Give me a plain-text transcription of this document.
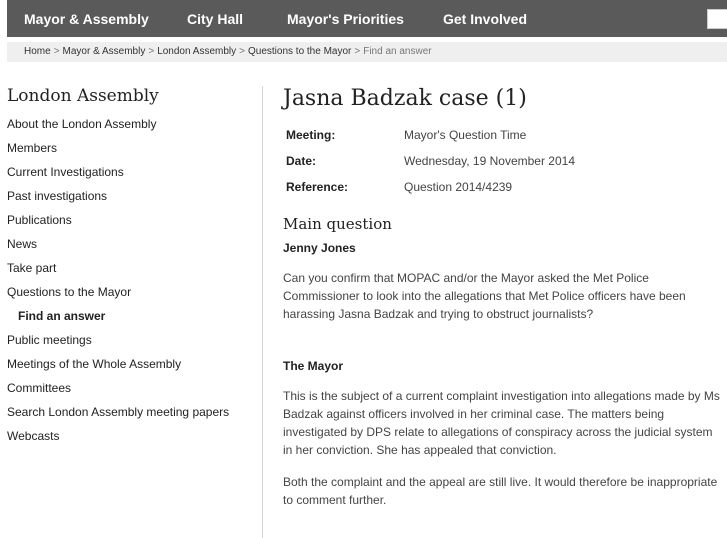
Mayor & Assembly	City Hall	Mayor's Priorities	Get Involved
Home > Mayor & Assembly > London Assembly > Questions to the Mayor > Find an answer
London Assembly
About the London Assembly
Members
Current Investigations
Past investigations
Publications
News
Take part
Questions to the Mayor
Find an answer
Public meetings
Meetings of the Whole Assembly
Committees
Search London Assembly meeting papers
Webcasts
Jasna Badzak case (1)
Meeting:	Mayor's Question Time
Date:	Wednesday, 19 November 2014
Reference:	Question 2014/4239
Main question
Jenny Jones

Can you confirm that MOPAC and/or the Mayor asked the Met Police Commissioner to look into the allegations that Met Police officers have been harassing Jasna Badzak and trying to obstruct journalists?

The Mayor

This is the subject of a current complaint investigation into allegations made by Ms Badzak against officers involved in her criminal case. The matters being investigated by DPS relate to allegations of conspiracy across the judicial system in her conviction. She has appealed that conviction.

Both the complaint and the appeal are still live. It would therefore be inappropriate to comment further.
